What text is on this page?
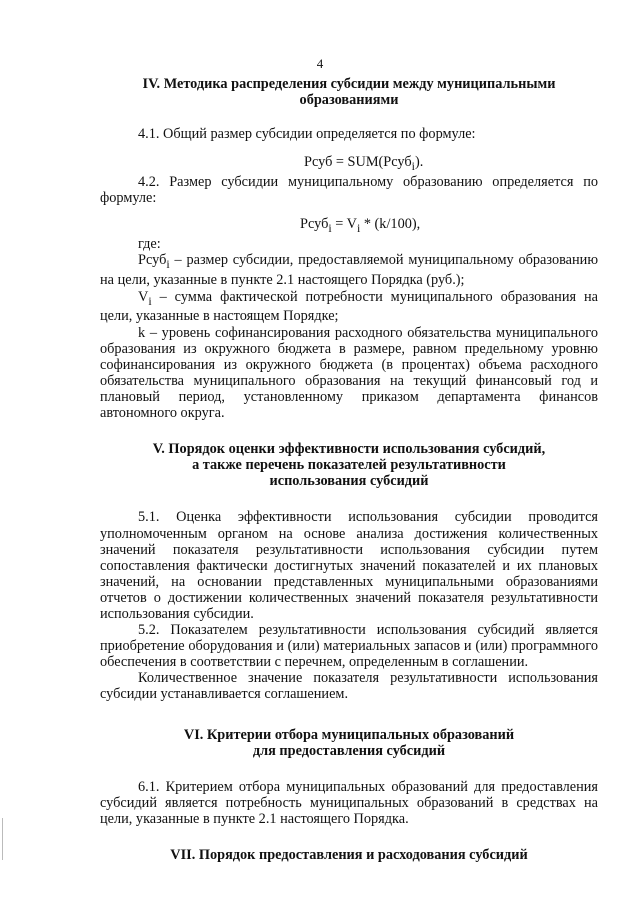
4

IV. Методика распределения субсидии между муниципальными образованиями

4.1. Общий размер субсидии определяется по формуле:

Рсуб = SUM(Рсуб$_i$).

4.2. Размер субсидии муниципальному образованию определяется по формуле:

Рсуб$_i$ = $V_i * (k/100)$,

где:

Рсуб$_i$ – размер субсидии, предоставляемой муниципальному образованию на цели, указанные в пункте 2.1 настоящего Порядка (руб.);

$V_i$ – сумма фактической потребности муниципального образования на цели, указанные в настоящем Порядке;

k – уровень софинансирования расходного обязательства муниципального образования из окружного бюджета в размере, равном предельному уровню софинансирования из окружного бюджета (в процентах) объема расходного обязательства муниципального образования на текущий финансовый год и плановый период, установленному приказом департамента финансов автономного округа.

V. Порядок оценки эффективности использования субсидий,
а также перечень показателей результативности
использования субсидий

5.1. Оценка эффективности использования субсидии проводится уполномоченным органом на основе анализа достижения количественных значений показателя результативности использования субсидии путем сопоставления фактически достигнутых значений показателей и их плановых значений, на основании представленных муниципальными образованиями отчетов о достижении количественных значений показателя результативности использования субсидии.

5.2. Показателем результативности использования субсидий является приобретение оборудования и (или) материальных запасов и (или) программного обеспечения в соответствии с перечнем, определенным в соглашении.

Количественное значение показателя результативности использования субсидии устанавливается соглашением.

VI. Критерии отбора муниципальных образований
для предоставления субсидий

6.1. Критерием отбора муниципальных образований для предоставления субсидий является потребность муниципальных образований в средствах на цели, указанные в пункте 2.1 настоящего Порядка.

VII. Порядок предоставления и расходования субсидий
